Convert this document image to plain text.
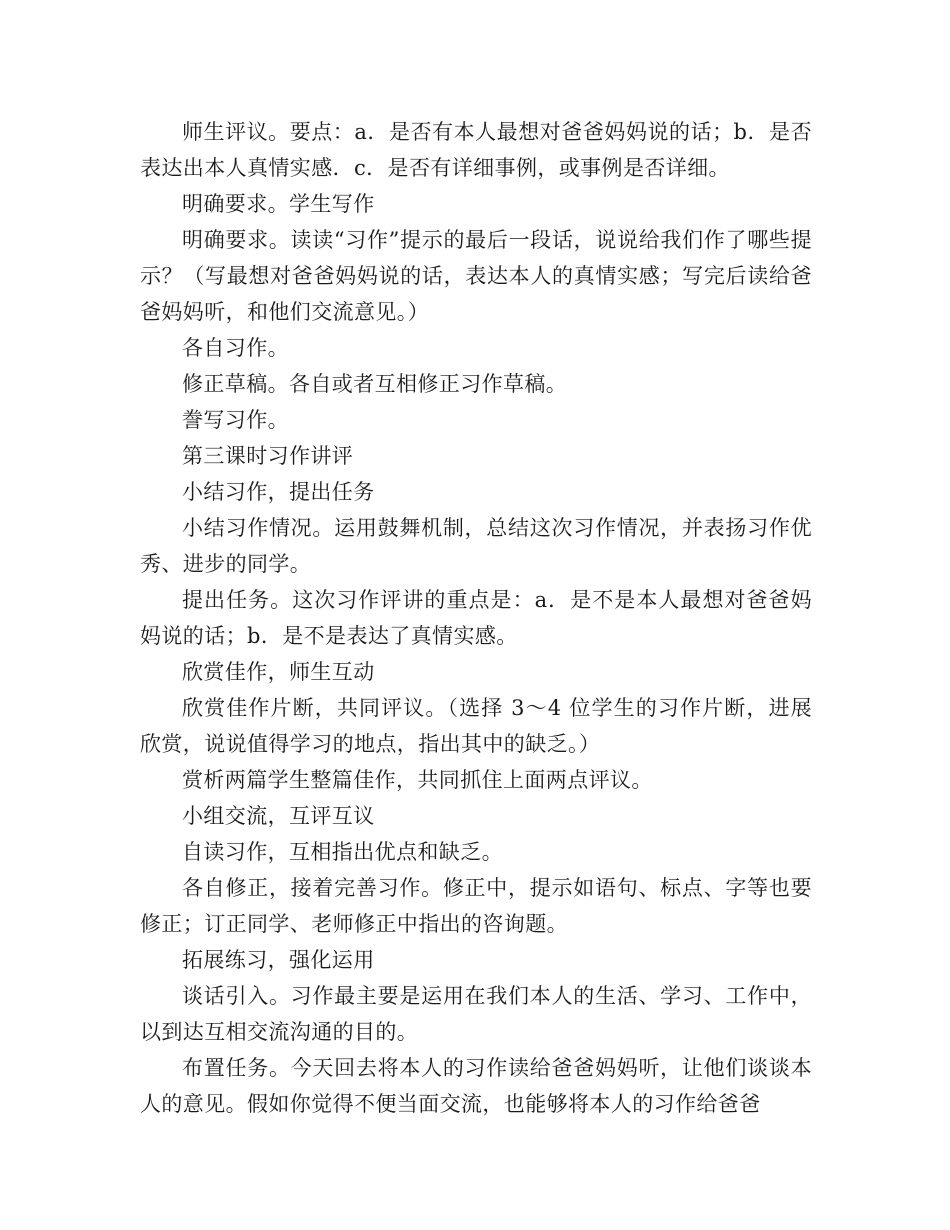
师生评议。要点：a．是否有本人最想对爸爸妈妈说的话；b．是否表达出本人真情实感．c．是否有详细事例，或事例是否详细。

明确要求。学生写作

明确要求。读读“习作”提示的最后一段话，说说给我们作了哪些提示？（写最想对爸爸妈妈说的话，表达本人的真情实感；写完后读给爸爸妈妈听，和他们交流意见。）

各自习作。

修正草稿。各自或者互相修正习作草稿。

誊写习作。

第三课时习作讲评

小结习作，提出任务

小结习作情况。运用鼓舞机制，总结这次习作情况，并表扬习作优秀、进步的同学。

提出任务。这次习作评讲的重点是：a．是不是本人最想对爸爸妈妈说的话；b．是不是表达了真情实感。

欣赏佳作，师生互动

欣赏佳作片断，共同评议。（选择 3～4 位学生的习作片断，进展欣赏，说说值得学习的地点，指出其中的缺乏。）

赏析两篇学生整篇佳作，共同抓住上面两点评议。

小组交流，互评互议

自读习作，互相指出优点和缺乏。

各自修正，接着完善习作。修正中，提示如语句、标点、字等也要修正；订正同学、老师修正中指出的咨询题。

拓展练习，强化运用

谈话引入。习作最主要是运用在我们本人的生活、学习、工作中，以到达互相交流沟通的目的。

布置任务。今天回去将本人的习作读给爸爸妈妈听，让他们谈谈本人的意见。假如你觉得不便当面交流，也能够将本人的习作给爸爸
